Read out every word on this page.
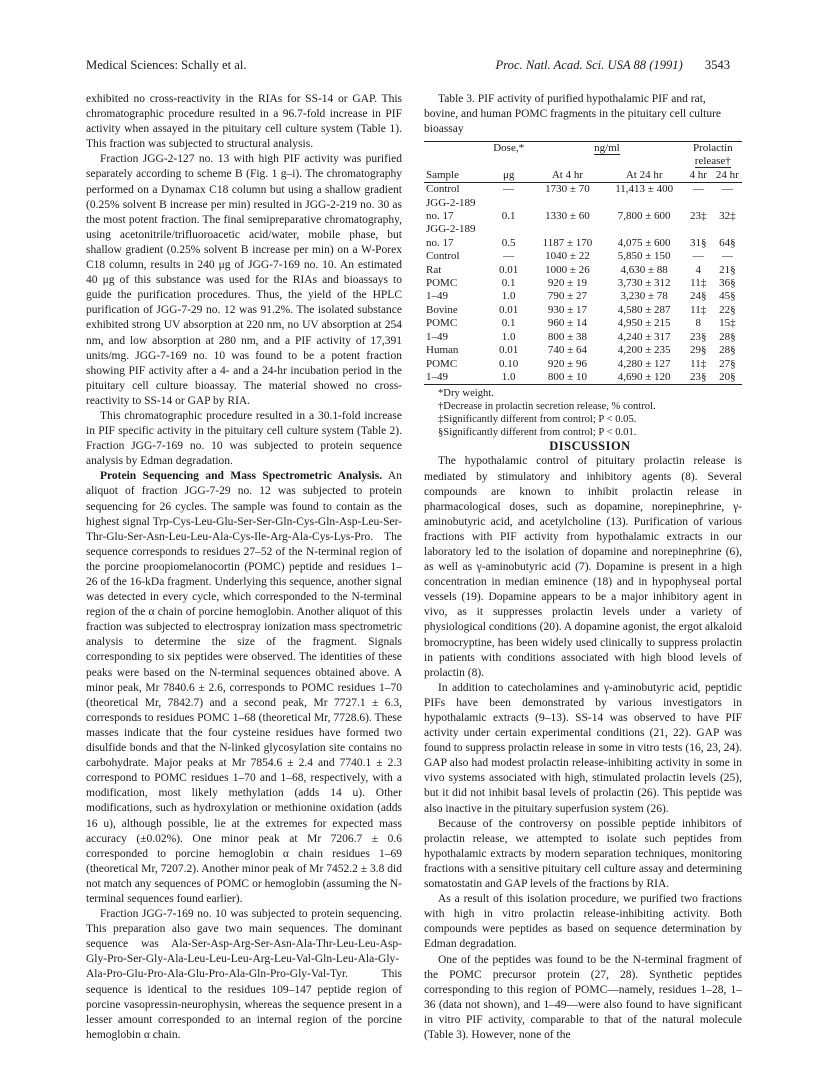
Medical Sciences: Schally et al.	Proc. Natl. Acad. Sci. USA 88 (1991) 3543

exhibited no cross-reactivity in the RIAs for SS-14 or GAP. This chromatographic procedure resulted in a 96.7-fold increase in PIF activity when assayed in the pituitary cell culture system (Table 1). This fraction was subjected to structural analysis.

Fraction JGG-2-127 no. 13 with high PIF activity was purified separately according to scheme B (Fig. 1 g–i). The chromatography performed on a Dynamax C18 column but using a shallow gradient (0.25% solvent B increase per min) resulted in JGG-2-219 no. 30 as the most potent fraction. The final semipreparative chromatography, using acetonitrile/trifluoroacetic acid/water, mobile phase, but shallow gradient (0.25% solvent B increase per min) on a W-Porex C18 column, results in 240 μg of JGG-7-169 no. 10. An estimated 40 μg of this substance was used for the RIAs and bioassays to guide the purification procedures. Thus, the yield of the HPLC purification of JGG-7-29 no. 12 was 91.2%. The isolated substance exhibited strong UV absorption at 220 nm, no UV absorption at 254 nm, and low absorption at 280 nm, and a PIF activity of 17,391 units/mg. JGG-7-169 no. 10 was found to be a potent fraction showing PIF activity after a 4- and a 24-hr incubation period in the pituitary cell culture bioassay. The material showed no cross-reactivity to SS-14 or GAP by RIA.

This chromatographic procedure resulted in a 30.1-fold increase in PIF specific activity in the pituitary cell culture system (Table 2). Fraction JGG-7-169 no. 10 was subjected to protein sequence analysis by Edman degradation.

Protein Sequencing and Mass Spectrometric Analysis. An aliquot of fraction JGG-7-29 no. 12 was subjected to protein sequencing for 26 cycles. The sample was found to contain as the highest signal Trp-Cys-Leu-Glu-Ser-Ser-Gln-Cys-Gln-Asp-Leu-Ser-Thr-Glu-Ser-Asn-Leu-Leu-Ala-Cys-Ile-Arg-Ala-Cys-Lys-Pro. The sequence corresponds to residues 27–52 of the N-terminal region of the porcine proopiomelanocortin (POMC) peptide and residues 1–26 of the 16-kDa fragment. Underlying this sequence, another signal was detected in every cycle, which corresponded to the N-terminal region of the α chain of porcine hemoglobin. Another aliquot of this fraction was subjected to electrospray ionization mass spectrometric analysis to determine the size of the fragment. Signals corresponding to six peptides were observed. The identities of these peaks were based on the N-terminal sequences obtained above. A minor peak, Mr 7840.6 ± 2.6, corresponds to POMC residues 1–70 (theoretical Mr, 7842.7) and a second peak, Mr 7727.1 ± 6.3, corresponds to residues POMC 1–68 (theoretical Mr, 7728.6). These masses indicate that the four cysteine residues have formed two disulfide bonds and that the N-linked glycosylation site contains no carbohydrate. Major peaks at Mr 7854.6 ± 2.4 and 7740.1 ± 2.3 correspond to POMC residues 1–70 and 1–68, respectively, with a modification, most likely methylation (adds 14 u). Other modifications, such as hydroxylation or methionine oxidation (adds 16 u), although possible, lie at the extremes for expected mass accuracy (±0.02%). One minor peak at Mr 7206.7 ± 0.6 corresponded to porcine hemoglobin α chain residues 1–69 (theoretical Mr, 7207.2). Another minor peak of Mr 7452.2 ± 3.8 did not match any sequences of POMC or hemoglobin (assuming the N-terminal sequences found earlier).

Fraction JGG-7-169 no. 10 was subjected to protein sequencing. This preparation also gave two main sequences. The dominant sequence was Ala-Ser-Asp-Arg-Ser-Asn-Ala-Thr-Leu-Leu-Asp-Gly-Pro-Ser-Gly-Ala-Leu-Leu-Leu-Arg-Leu-Val-Gln-Leu-Ala-Gly-Ala-Pro-Glu-Pro-Ala-Glu-Pro-Ala-Gln-Pro-Gly-Val-Tyr. This sequence is identical to the residues 109–147 peptide region of porcine vasopressin-neurophysin, whereas the sequence present in a lesser amount corresponded to an internal region of the porcine hemoglobin α chain.

Table 3. PIF activity of purified hypothalamic PIF and rat, bovine, and human POMC fragments in the pituitary cell culture bioassay

Sample	Dose,*	ng/ml		Prolactin
release†	
	μg	At 4 hr	At 24 hr	4 hr	24 hr
Control	—	1730 ± 70	11,413 ± 400	—	—
JGG-2-189					
no. 17	0.1	1330 ± 60	7,800 ± 600	23‡	32‡
JGG-2-189					
no. 17	0.5	1187 ± 170	4,075 ± 600	31§	64§
Control	—	1040 ± 22	5,850 ± 150	—	—
Rat	0.01	1000 ± 26	4,630 ± 88	4	21§
POMC	0.1	920 ± 19	3,730 ± 312	11‡	36§
1–49	1.0	790 ± 27	3,230 ± 78	24§	45§
Bovine	0.01	930 ± 17	4,580 ± 287	11‡	22§
POMC	0.1	960 ± 14	4,950 ± 215	8	15‡
1–49	1.0	800 ± 38	4,240 ± 317	23§	28§
Human	0.01	740 ± 64	4,200 ± 235	29§	28§
POMC	0.10	920 ± 96	4,280 ± 127	11‡	27§
1–49	1.0	800 ± 10	4,690 ± 120	23§	20§

*Dry weight.

†Decrease in prolactin secretion release, % control.

‡Significantly different from control; P < 0.05.

§Significantly different from control; P < 0.01.

DISCUSSION

The hypothalamic control of pituitary prolactin release is mediated by stimulatory and inhibitory agents (8). Several compounds are known to inhibit prolactin release in pharmacological doses, such as dopamine, norepinephrine, γ-aminobutyric acid, and acetylcholine (13). Purification of various fractions with PIF activity from hypothalamic extracts in our laboratory led to the isolation of dopamine and norepinephrine (6), as well as γ-aminobutyric acid (7). Dopamine is present in a high concentration in median eminence (18) and in hypophyseal portal vessels (19). Dopamine appears to be a major inhibitory agent in vivo, as it suppresses prolactin levels under a variety of physiological conditions (20). A dopamine agonist, the ergot alkaloid bromocryptine, has been widely used clinically to suppress prolactin in patients with conditions associated with high blood levels of prolactin (8).

In addition to catecholamines and γ-aminobutyric acid, peptidic PIFs have been demonstrated by various investigators in hypothalamic extracts (9–13). SS-14 was observed to have PIF activity under certain experimental conditions (21, 22). GAP was found to suppress prolactin release in some in vitro tests (16, 23, 24). GAP also had modest prolactin release-inhibiting activity in some in vivo systems associated with high, stimulated prolactin levels (25), but it did not inhibit basal levels of prolactin (26). This peptide was also inactive in the pituitary superfusion system (26).

Because of the controversy on possible peptide inhibitors of prolactin release, we attempted to isolate such peptides from hypothalamic extracts by modern separation techniques, monitoring fractions with a sensitive pituitary cell culture assay and determining somatostatin and GAP levels of the fractions by RIA.

As a result of this isolation procedure, we purified two fractions with high in vitro prolactin release-inhibiting activity. Both compounds were peptides as based on sequence determination by Edman degradation.

One of the peptides was found to be the N-terminal fragment of the POMC precursor protein (27, 28). Synthetic peptides corresponding to this region of POMC—namely, residues 1–28, 1–36 (data not shown), and 1–49—were also found to have significant in vitro PIF activity, comparable to that of the natural molecule (Table 3). However, none of the
